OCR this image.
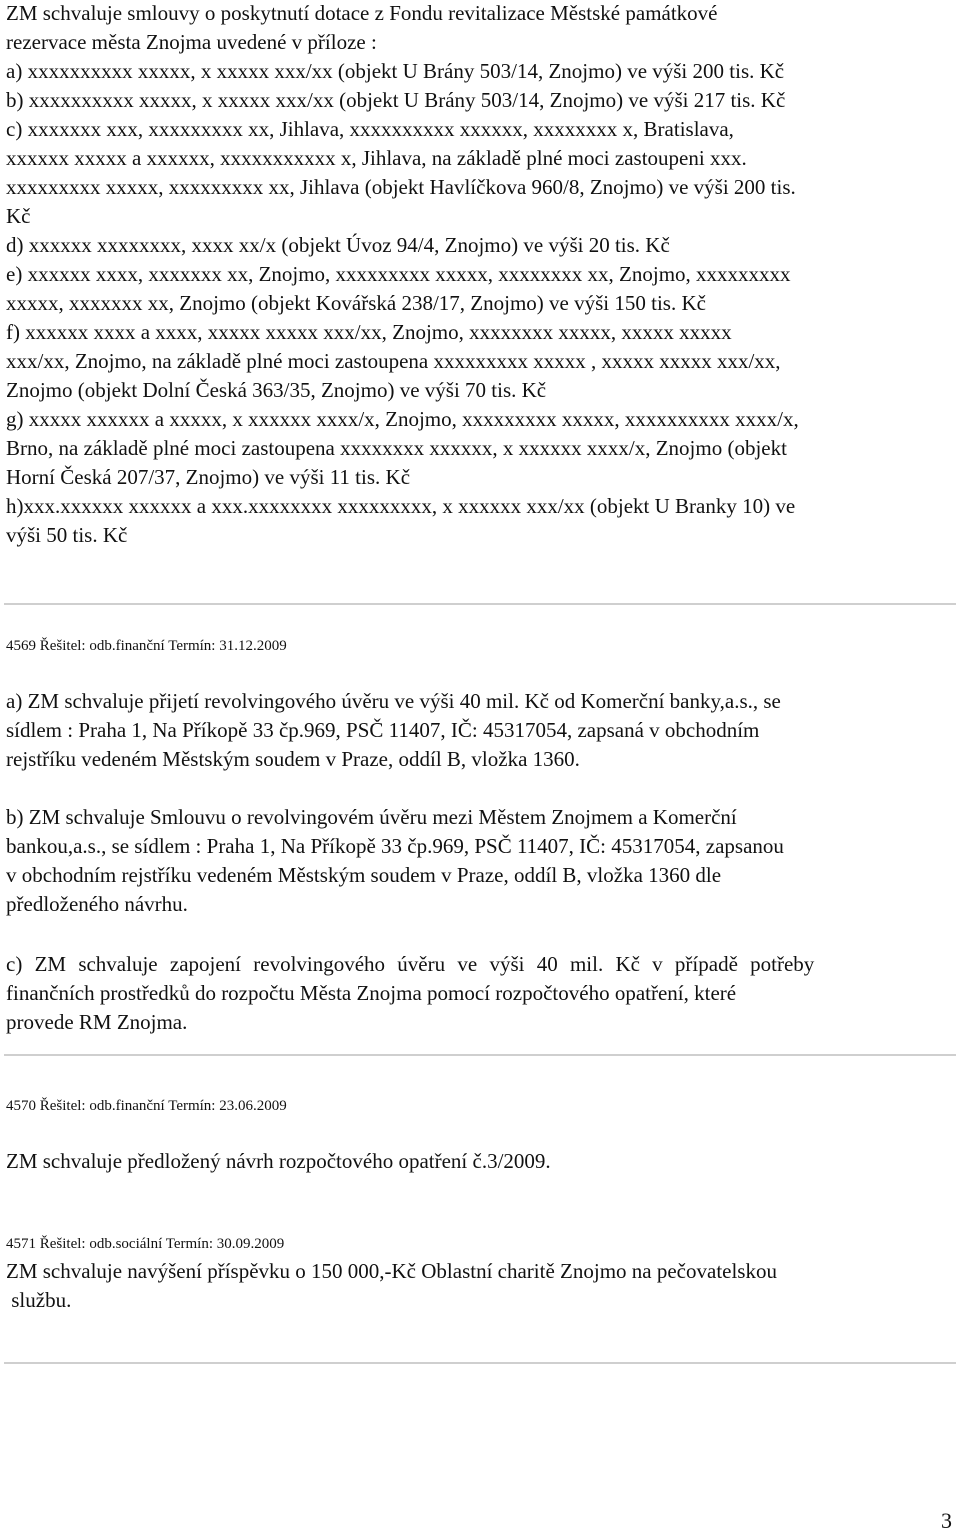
ZM schvaluje smlouvy o poskytnutí dotace z Fondu revitalizace Městské památkové

rezervace města Znojma uvedené v příloze :

a) xxxxxxxxxx xxxxx, x xxxxx xxx/xx (objekt U Brány 503/14, Znojmo) ve výši 200 tis. Kč

b) xxxxxxxxxx xxxxx, x xxxxx xxx/xx (objekt U Brány 503/14, Znojmo) ve výši 217 tis. Kč

c) xxxxxxx xxx, xxxxxxxxx xx, Jihlava, xxxxxxxxxx xxxxxx, xxxxxxxx x, Bratislava,

xxxxxx xxxxx a xxxxxx, xxxxxxxxxxx x, Jihlava, na základě plné moci zastoupeni xxx.

xxxxxxxxx xxxxx, xxxxxxxxx xx, Jihlava (objekt Havlíčkova 960/8, Znojmo) ve výši 200 tis.

Kč

d) xxxxxx xxxxxxxx, xxxx xx/x (objekt Úvoz 94/4, Znojmo) ve výši 20 tis. Kč

e) xxxxxx xxxx, xxxxxxx xx, Znojmo, xxxxxxxxx xxxxx, xxxxxxxx xx, Znojmo, xxxxxxxxx

xxxxx, xxxxxxx xx, Znojmo (objekt Kovářská 238/17, Znojmo) ve výši 150 tis. Kč

f) xxxxxx xxxx a xxxx, xxxxx xxxxx xxx/xx, Znojmo, xxxxxxxx xxxxx, xxxxx xxxxx

xxx/xx, Znojmo, na základě plné moci zastoupena xxxxxxxxx xxxxx , xxxxx xxxxx xxx/xx,

Znojmo (objekt Dolní Česká 363/35, Znojmo) ve výši 70 tis. Kč

g) xxxxx xxxxxx a xxxxx, x xxxxxx xxxx/x, Znojmo, xxxxxxxxx xxxxx, xxxxxxxxxx xxxx/x,

Brno, na základě plné moci zastoupena xxxxxxxx xxxxxx, x xxxxxx xxxx/x, Znojmo (objekt

Horní Česká 207/37, Znojmo) ve výši 11 tis. Kč

h)xxx.xxxxxx xxxxxx a xxx.xxxxxxxx xxxxxxxxx, x xxxxxx xxx/xx (objekt U Branky 10) ve

výši 50 tis. Kč

4569 Řešitel: odb.finanční Termín: 31.12.2009

a) ZM schvaluje přijetí revolvingového úvěru ve výši 40 mil. Kč od Komerční banky,a.s., se

sídlem : Praha 1, Na Příkopě 33 čp.969, PSČ 11407, IČ: 45317054, zapsaná v obchodním

rejstříku vedeném Městským soudem v Praze, oddíl B, vložka 1360.

b) ZM schvaluje Smlouvu o revolvingovém úvěru mezi Městem Znojmem a Komerční

bankou,a.s., se sídlem : Praha 1, Na Příkopě 33 čp.969, PSČ 11407, IČ: 45317054, zapsanou

v obchodním rejstříku vedeném Městským soudem v Praze, oddíl B, vložka 1360 dle

předloženého návrhu.

c) ZM schvaluje zapojení revolvingového úvěru ve výši 40 mil. Kč v případě potřeby

finančních prostředků do rozpočtu Města Znojma pomocí rozpočtového opatření, které

provede RM Znojma.

4570 Řešitel: odb.finanční Termín: 23.06.2009

ZM schvaluje předložený návrh rozpočtového opatření č.3/2009.

4571 Řešitel: odb.sociální Termín: 30.09.2009

ZM schvaluje navýšení příspěvku o 150 000,-Kč Oblastní charitě Znojmo na pečovatelskou

službu.

3
